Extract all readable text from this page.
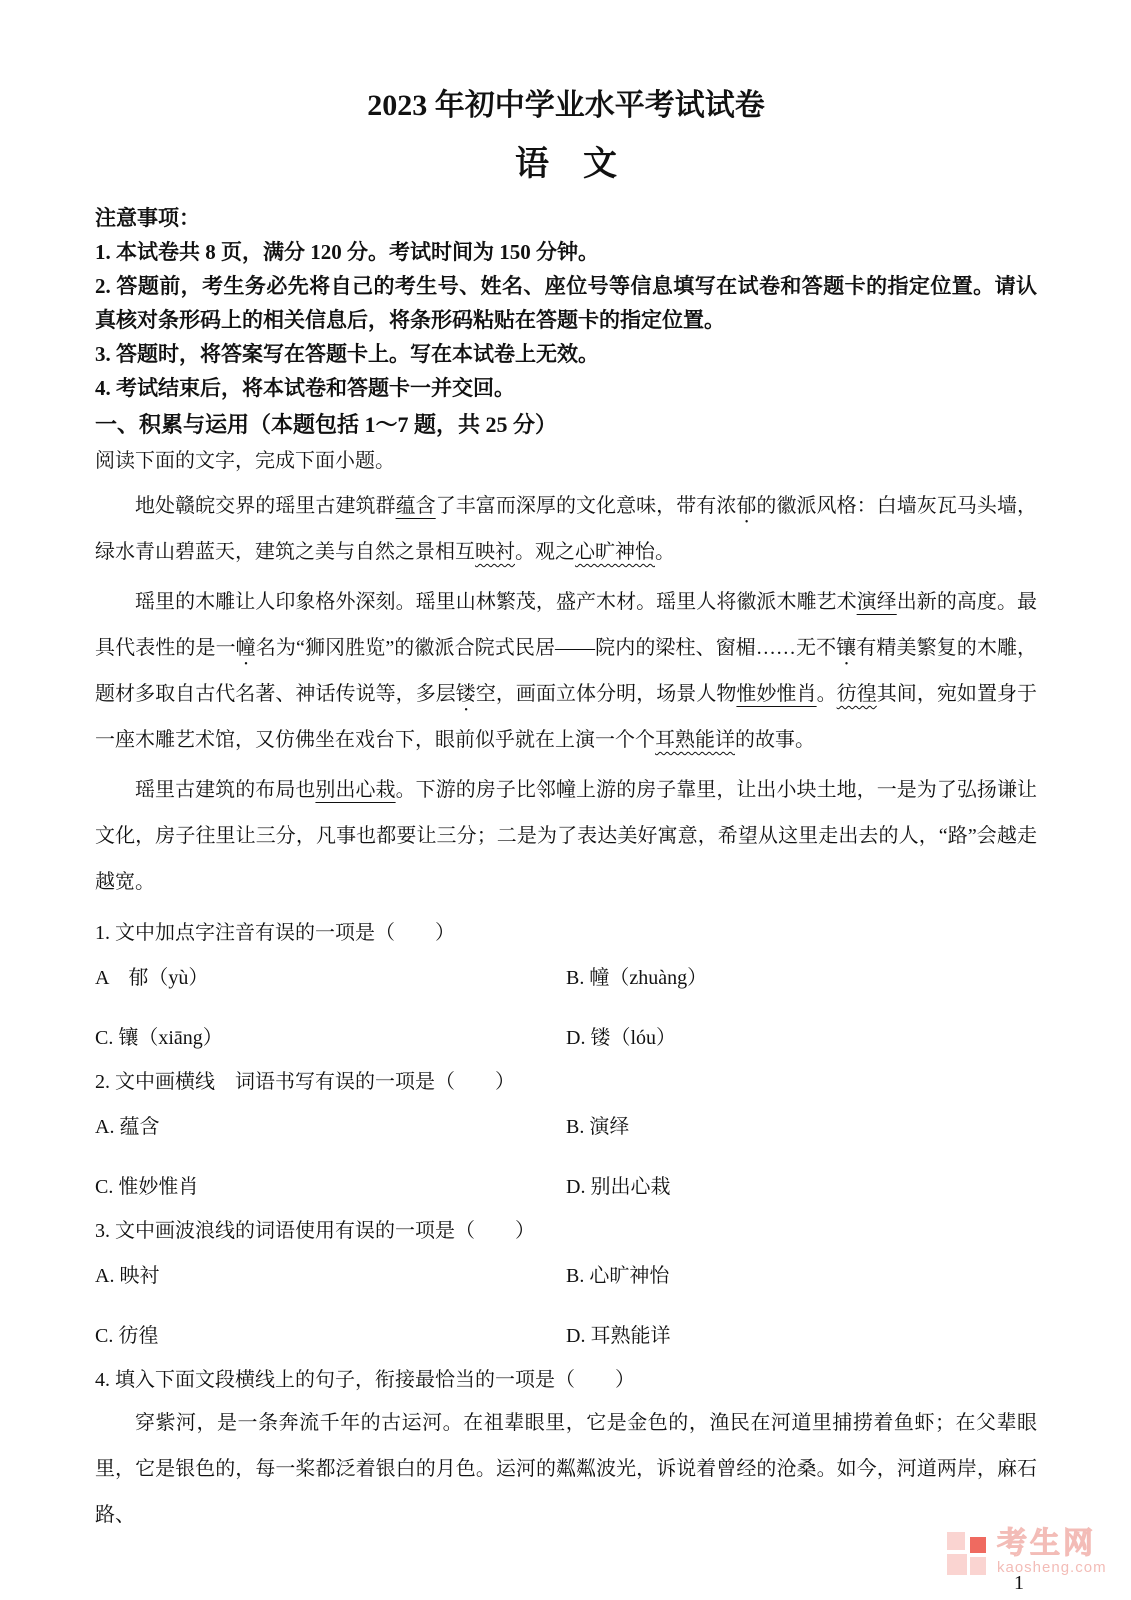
2023 年初中学业水平考试试卷
语　文
注意事项：
1. 本试卷共 8 页，满分 120 分。考试时间为 150 分钟。
2. 答题前，考生务必先将自己的考生号、姓名、座位号等信息填写在试卷和答题卡的指定位置。请认真核对条形码上的相关信息后，将条形码粘贴在答题卡的指定位置。
3. 答题时，将答案写在答题卡上。写在本试卷上无效。
4. 考试结束后，将本试卷和答题卡一并交回。
一、积累与运用（本题包括 1～7 题，共 25 分）
阅读下面的文字，完成下面小题。

地处赣皖交界的瑶里古建筑群蕴含了丰富而深厚的文化意味，带有浓郁的徽派风格：白墙灰瓦马头墙，绿水青山碧蓝天，建筑之美与自然之景相互映衬。观之心旷神怡。

瑶里的木雕让人印象格外深刻。瑶里山林繁茂，盛产木材。瑶里人将徽派木雕艺术演绎出新的高度。最具代表性的是一幢名为“狮冈胜览”的徽派合院式民居——院内的梁柱、窗楣……无不镶有精美繁复的木雕，题材多取自古代名著、神话传说等，多层镂空，画面立体分明，场景人物惟妙惟肖。彷徨其间，宛如置身于一座木雕艺术馆，又仿佛坐在戏台下，眼前似乎就在上演一个个耳熟能详的故事。

瑶里古建筑的布局也别出心栽。下游的房子比邻幢上游的房子靠里，让出小块土地，一是为了弘扬谦让文化，房子往里让三分，凡事也都要让三分；二是为了表达美好寓意，希望从这里走出去的人，“路”会越走越宽。

1. 文中加点字注音有误的一项是（　　）
A　郁（yù）	B. 幢（zhuàng）
C. 镶（xiāng）	D. 镂（lóu）
2. 文中画横线　词语书写有误的一项是（　　）
A. 蕴含	B. 演绎
C. 惟妙惟肖	D. 别出心栽
3. 文中画波浪线的词语使用有误的一项是（　　）
A. 映衬	B. 心旷神怡
C. 彷徨	D. 耳熟能详
4. 填入下面文段横线上的句子，衔接最恰当的一项是（　　）

穿紫河，是一条奔流千年的古运河。在祖辈眼里，它是金色的，渔民在河道里捕捞着鱼虾；在父辈眼里，它是银色的，每一桨都泛着银白的月色。运河的粼粼波光，诉说着曾经的沧桑。如今，河道两岸，麻石路、

考生网
kaosheng.com
1
